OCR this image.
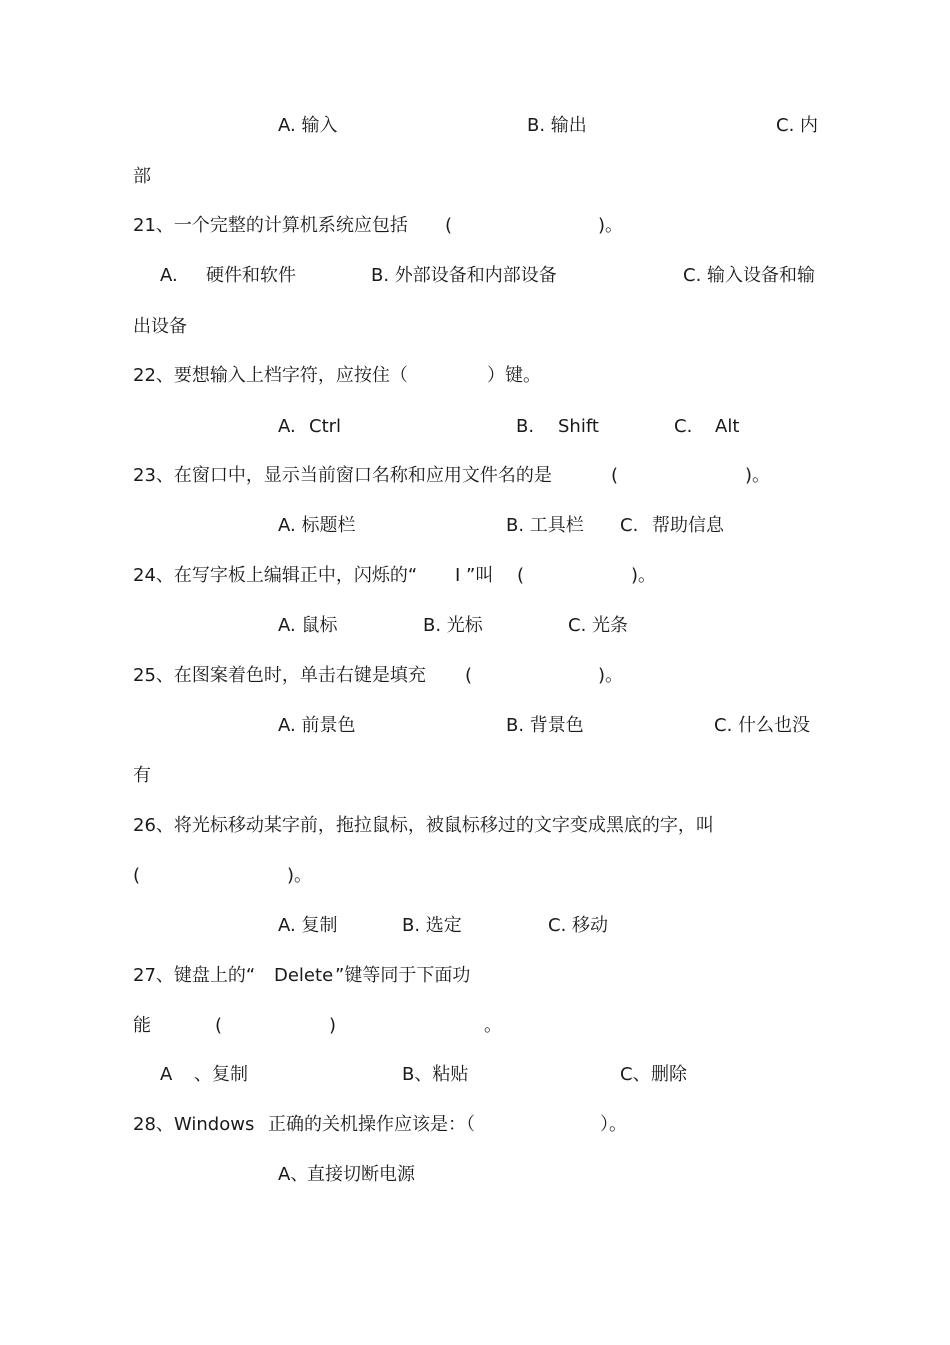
A. 输入	B. 输出	C. 内
部
21、一个完整的计算机系统应包括 (	)。
A. 硬件和软件	B. 外部设备和内部设备	C. 输入设备和输
出设备
22、要想输入上档字符，应按住（	）键。
A. Ctrl	B. Shift	C. Alt
23、在窗口中，显示当前窗口名称和应用文件名的是	(	)。
A. 标题栏	B. 工具栏 C. 帮助信息
24、在写字板上编辑正中，闪烁的“ I ”叫 (	)。
A. 鼠标	B. 光标	C. 光条
25、在图案着色时，单击右键是填充 (	)。
A. 前景色	B. 背景色	C. 什么也没
有
26、将光标移动某字前，拖拉鼠标，被鼠标移过的文字变成黑底的字，叫
(	)。
A. 复制	B. 选定	C. 移动
27、键盘上的“ Delete ”键等同于下面功
能	(	)	。
A 、复制	B、粘贴	C、 删除
28、 Windows 正确的关机操作应该是：（	）。
A、
直接切断电源
